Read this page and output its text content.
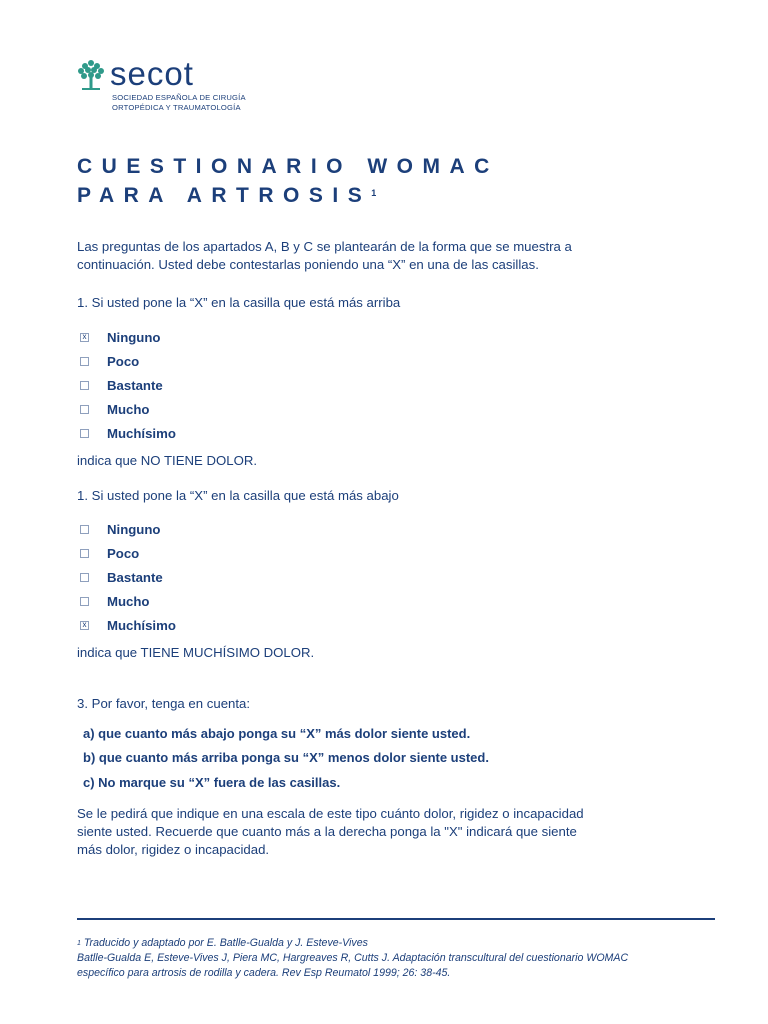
secot
SOCIEDAD ESPAÑOLA DE CIRUGÍA
ORTOPÉDICA Y TRAUMATOLOGÍA
CUESTIONARIO WOMAC
PARA ARTROSIS$^1$
Las preguntas de los apartados A, B y C se plantearán de la forma que se muestra a
continuación. Usted debe contestarlas poniendo una “X” en una de las casillas.
1. Si usted pone la “X” en la casilla que está más arriba
x Ninguno
Poco
Bastante
Mucho
Muchísimo
indica que NO TIENE DOLOR.
1. Si usted pone la “X” en la casilla que está más abajo
Ninguno
Poco
Bastante
Mucho
x Muchísimo
indica que TIENE MUCHÍSIMO DOLOR.
3. Por favor, tenga en cuenta:
a) que cuanto más abajo ponga su “X” más dolor siente usted.
b) que cuanto más arriba ponga su “X” menos dolor siente usted.
c) No marque su “X” fuera de las casillas.
Se le pedirá que indique en una escala de este tipo cuánto dolor, rigidez o incapacidad
siente usted. Recuerde que cuanto más a la derecha ponga la "X" indicará que siente
más dolor, rigidez o incapacidad.
$^1$ Traducido y adaptado por E. Batlle-Gualda y J. Esteve-Vives
Batlle-Gualda E, Esteve-Vives J, Piera MC, Hargreaves R, Cutts J. Adaptación transcultural del cuestionario WOMAC
específico para artrosis de rodilla y cadera. Rev Esp Reumatol 1999; 26: 38-45.
